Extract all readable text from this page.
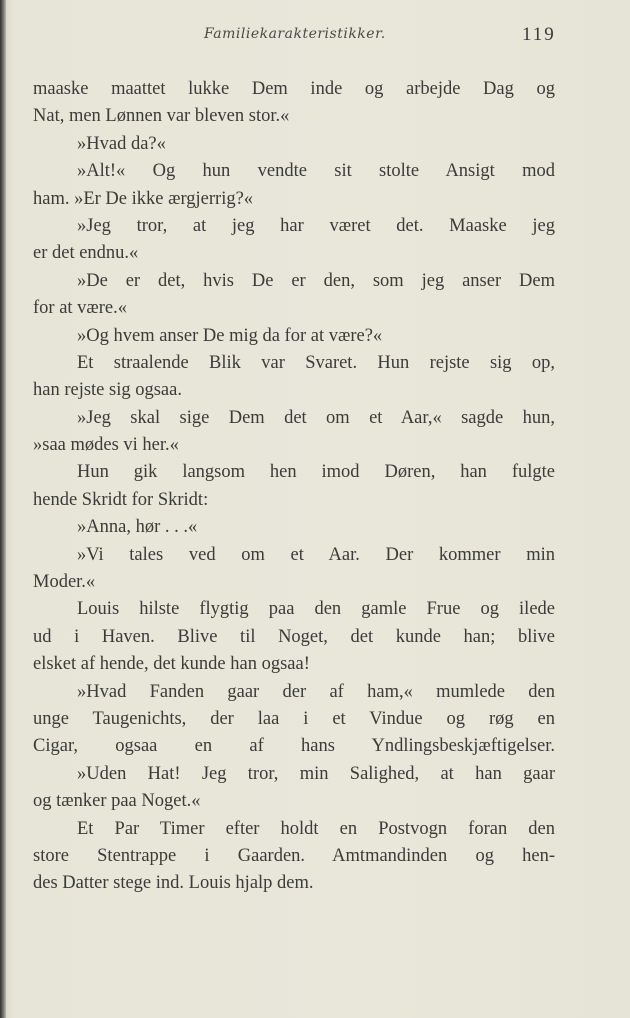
Familiekarakteristikker.	119
maaske maattet lukke Dem inde og arbejde Dag og
Nat, men Lønnen var bleven stor.«
»Hvad da?«
»Alt!« Og hun vendte sit stolte Ansigt mod
ham. »Er De ikke ærgjerrig?«
»Jeg tror, at jeg har været det. Maaske jeg
er det endnu.«
»De er det, hvis De er den, som jeg anser Dem
for at være.«
»Og hvem anser De mig da for at være?«
Et straalende Blik var Svaret. Hun rejste sig op,
han rejste sig ogsaa.
»Jeg skal sige Dem det om et Aar,« sagde hun,
»saa mødes vi her.«
Hun gik langsom hen imod Døren, han fulgte
hende Skridt for Skridt:
»Anna, hør . . .«
»Vi tales ved om et Aar. Der kommer min
Moder.«
Louis hilste flygtig paa den gamle Frue og ilede
ud i Haven. Blive til Noget, det kunde han; blive
elsket af hende, det kunde han ogsaa!
»Hvad Fanden gaar der af ham,« mumlede den
unge Taugenichts, der laa i et Vindue og røg en
Cigar, ogsaa en af hans Yndlingsbeskjæftigelser.
»Uden Hat! Jeg tror, min Salighed, at han gaar
og tænker paa Noget.«
Et Par Timer efter holdt en Postvogn foran den
store Stentrappe i Gaarden. Amtmandinden og hen-
des Datter stege ind. Louis hjalp dem.
